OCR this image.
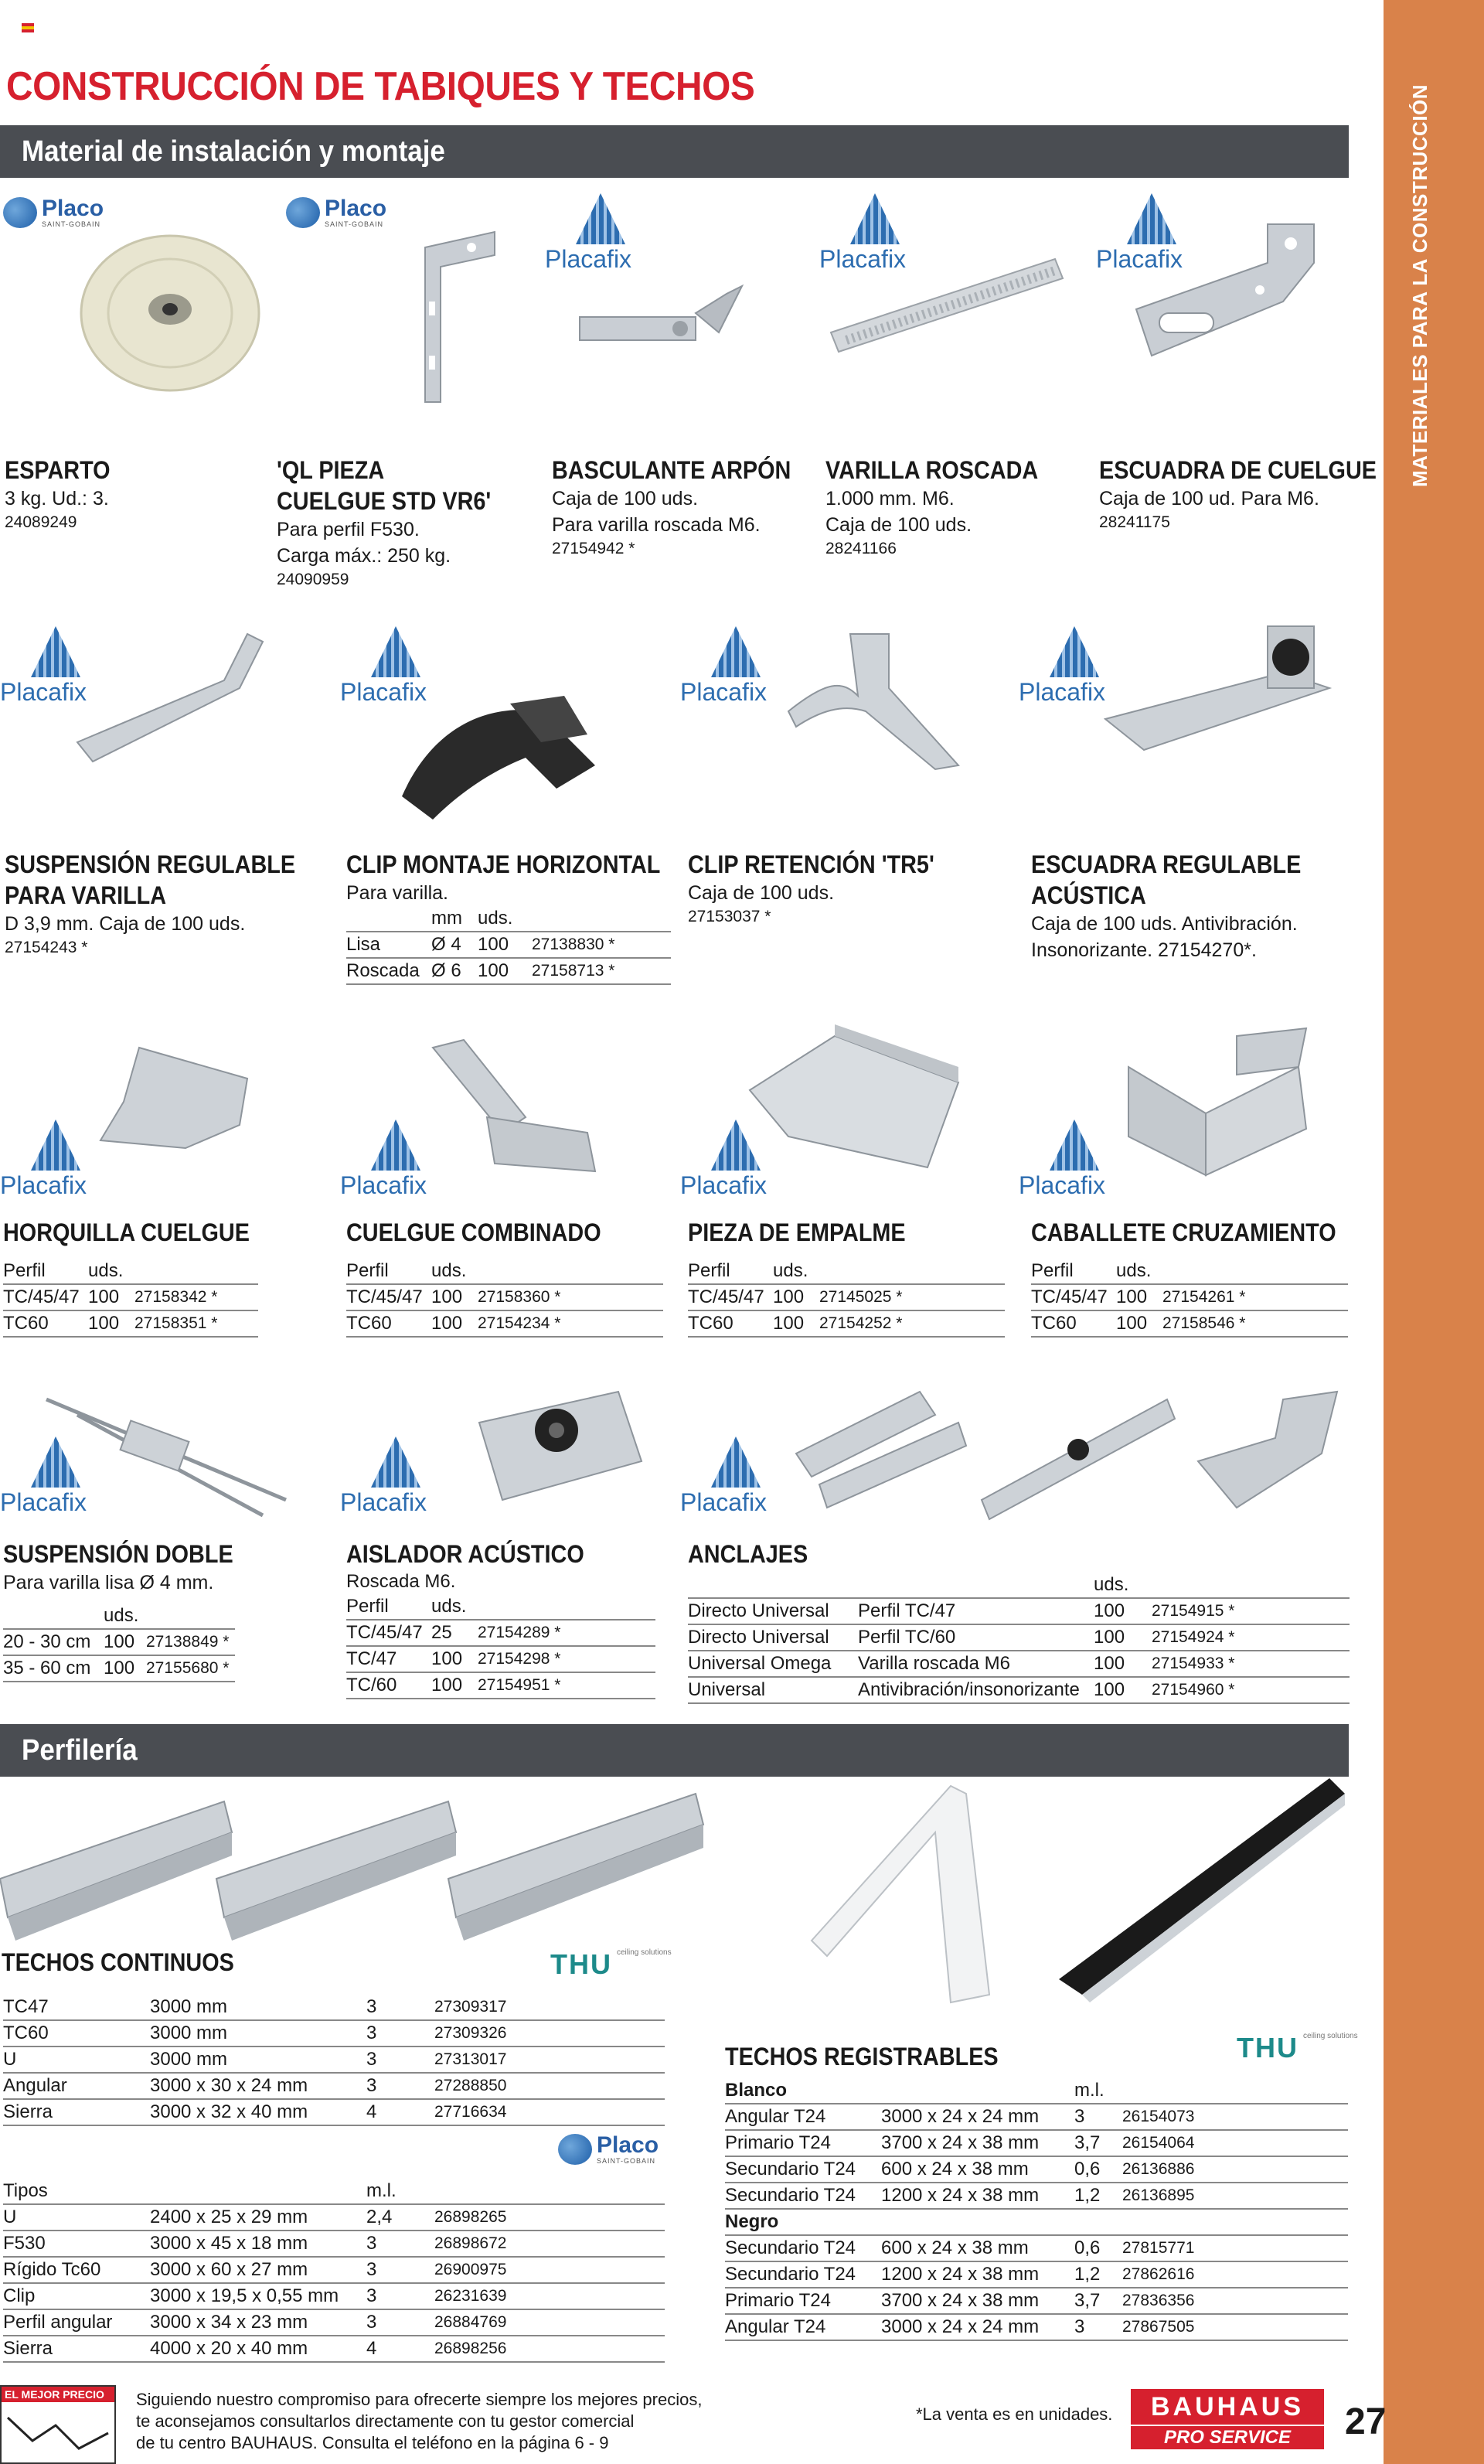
MATERIALES PARA LA CONSTRUCCIÓN
CONSTRUCCIÓN DE TABIQUES Y TECHOS
Material de instalación y montaje
Placo
SAINT-GOBAIN
Placo
SAINT-GOBAIN
Placafix	Placafix	Placafix
ESPARTO
3 kg. Ud.: 3.
24089249
'QL PIEZA
CUELGUE STD VR6'
Para perfil F530.
Carga máx.: 250 kg.
24090959
BASCULANTE ARPÓN
Caja de 100 uds.
Para varilla roscada M6.
27154942 *
VARILLA ROSCADA
1.000 mm. M6.
Caja de 100 uds.
28241166
ESCUADRA DE CUELGUE
Caja de 100 ud. Para M6.
28241175
Placafix	Placafix	Placafix	Placafix
SUSPENSIÓN REGULABLE
PARA VARILLA
D 3,9 mm. Caja de 100 uds.
27154243 *
CLIP MONTAJE HORIZONTAL
Para varilla.
	mm	uds.	
Lisa	Ø 4	100	27138830 *
Roscada	Ø 6	100	27158713 *
CLIP RETENCIÓN 'TR5'
Caja de 100 uds.
27153037 *
ESCUADRA REGULABLE
ACÚSTICA
Caja de 100 uds. Antivibración.
Insonorizante. 27154270*.
Placafix	Placafix	Placafix	Placafix
HORQUILLA CUELGUE
Perfil	uds.	
TC/45/47	100	27158342 *
TC60	100	27158351 *
CUELGUE COMBINADO
Perfil	uds.	
TC/45/47	100	27158360 *
TC60	100	27154234 *
PIEZA DE EMPALME
Perfil	uds.	
TC/45/47	100	27145025 *
TC60	100	27154252 *
CABALLETE CRUZAMIENTO
Perfil	uds.	
TC/45/47	100	27154261 *
TC60	100	27158546 *
Placafix	Placafix	Placafix
SUSPENSIÓN DOBLE
Para varilla lisa Ø 4 mm.
	uds.	
20 - 30 cm	100	27138849 *
35 - 60 cm	100	27155680 *
AISLADOR ACÚSTICO
Roscada M6.		
Perfil	uds.	
TC/45/47	25	27154289 *
TC/47	100	27154298 *
TC/60	100	27154951 *
ANCLAJES
		uds.	
Directo Universal	Perfil TC/47	100	27154915 *
Directo Universal	Perfil TC/60	100	27154924 *
Universal Omega	Varilla roscada M6	100	27154933 *
Universal	Antivibración/insonorizante	100	27154960 *
Perfilería
TECHOS CONTINUOS	THU ceiling solutions
TC47	3000 mm	3	27309317
TC60	3000 mm	3	27309326
U	3000 mm	3	27313017
Angular	3000 x 30 x 24 mm	3	27288850
Sierra	3000 x 32 x 40 mm	4	27716634
Placo
SAINT-GOBAIN
Tipos		m.l.	
U	2400 x 25 x 29 mm	2,4	26898265
F530	3000 x 45 x 18 mm	3	26898672
Rígido Tc60	3000 x 60 x 27 mm	3	26900975
Clip	3000 x 19,5 x 0,55 mm	3	26231639
Perfil angular	3000 x 34 x 23 mm	3	26884769
Sierra	4000 x 20 x 40 mm	4	26898256
TECHOS REGISTRABLES	THU ceiling solutions
Blanco		m.l.	
Angular T24	3000 x 24 x 24 mm	3	26154073
Primario T24	3700 x 24 x 38 mm	3,7	26154064
Secundario T24	600 x 24 x 38 mm	0,6	26136886
Secundario T24	1200 x 24 x 38 mm	1,2	26136895
Negro			
Secundario T24	600 x 24 x 38 mm	0,6	27815771
Secundario T24	1200 x 24 x 38 mm	1,2	27862616
Primario T24	3700 x 24 x 38 mm	3,7	27836356
Angular T24	3000 x 24 x 24 mm	3	27867505
EL MEJOR PRECIO	Siguiendo nuestro compromiso para ofrecerte siempre los mejores precios,
te aconsejamos consultarlos directamente con tu gestor comercial
de tu centro BAUHAUS. Consulta el teléfono en la página 6 - 9
*La venta es en unidades.	BAUHAUS
PRO SERVICE	27
